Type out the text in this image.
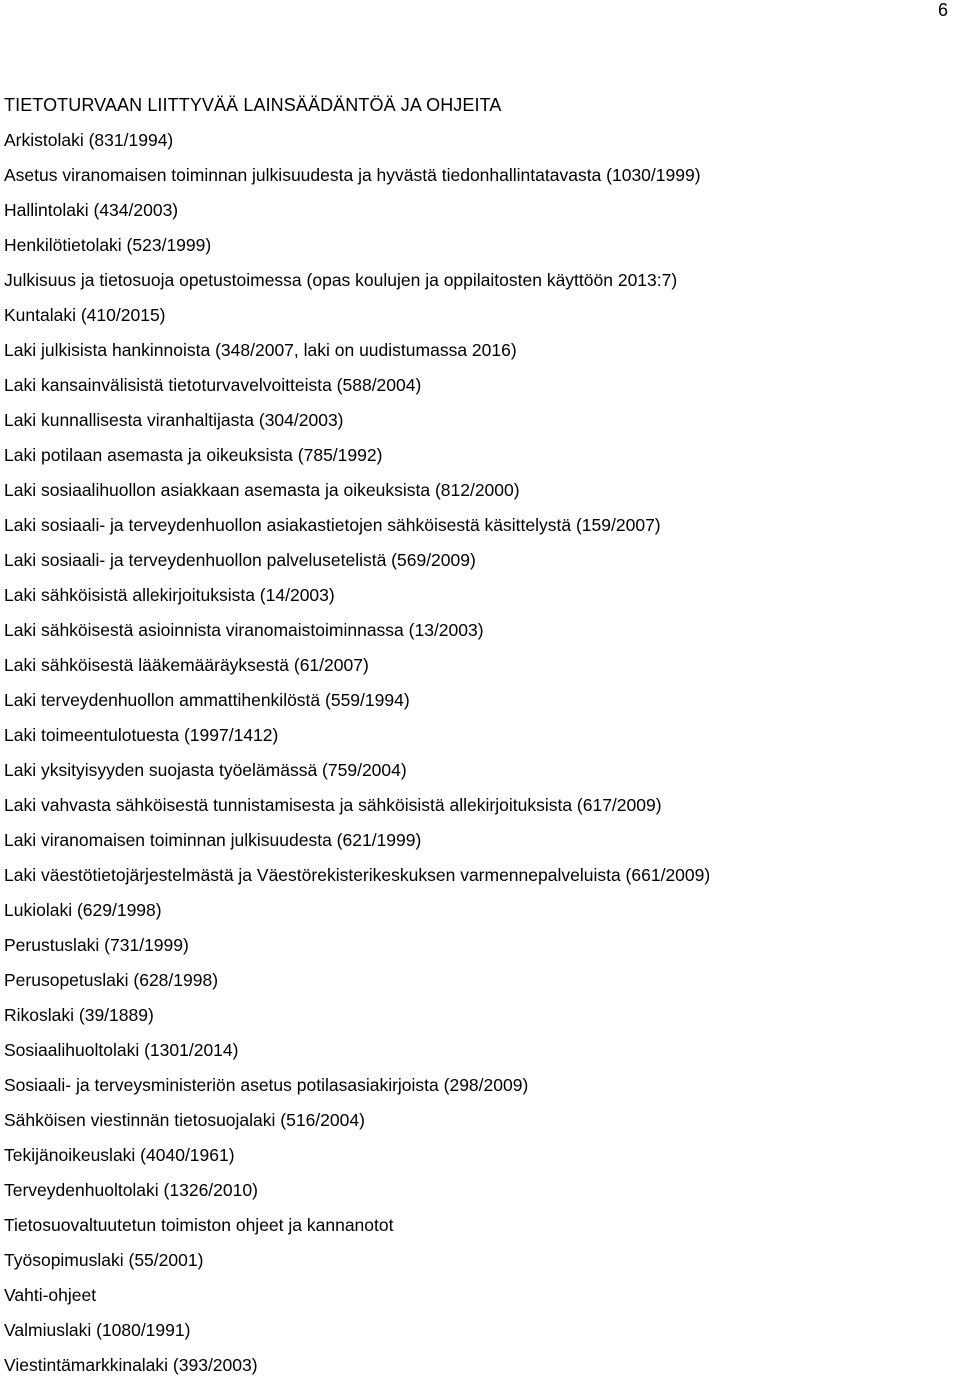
6
TIETOTURVAAN LIITTYVÄÄ LAINSÄÄDÄNTÖÄ JA OHJEITA
Arkistolaki (831/1994)
Asetus viranomaisen toiminnan julkisuudesta ja hyvästä tiedonhallintatavasta (1030/1999)
Hallintolaki (434/2003)
Henkilötietolaki (523/1999)
Julkisuus ja tietosuoja opetustoimessa (opas koulujen ja oppilaitosten käyttöön 2013:7)
Kuntalaki (410/2015)
Laki julkisista hankinnoista (348/2007, laki on uudistumassa 2016)
Laki kansainvälisistä tietoturvavelvoitteista (588/2004)
Laki kunnallisesta viranhaltijasta (304/2003)
Laki potilaan asemasta ja oikeuksista (785/1992)
Laki sosiaalihuollon asiakkaan asemasta ja oikeuksista (812/2000)
Laki sosiaali- ja terveydenhuollon asiakastietojen sähköisestä käsittelystä (159/2007)
Laki sosiaali- ja terveydenhuollon palvelusetelistä (569/2009)
Laki sähköisistä allekirjoituksista (14/2003)
Laki sähköisestä asioinnista viranomaistoiminnassa (13/2003)
Laki sähköisestä lääkemääräyksestä (61/2007)
Laki terveydenhuollon ammattihenkilöstä (559/1994)
Laki toimeentulotuesta (1997/1412)
Laki yksityisyyden suojasta työelämässä (759/2004)
Laki vahvasta sähköisestä tunnistamisesta ja sähköisistä allekirjoituksista (617/2009)
Laki viranomaisen toiminnan julkisuudesta (621/1999)
Laki väestötietojärjestelmästä ja Väestörekisterikeskuksen varmennepalveluista (661/2009)
Lukiolaki (629/1998)
Perustuslaki (731/1999)
Perusopetuslaki (628/1998)
Rikoslaki (39/1889)
Sosiaalihuoltolaki (1301/2014)
Sosiaali- ja terveysministeriön asetus potilasasiakirjoista (298/2009)
Sähköisen viestinnän tietosuojalaki (516/2004)
Tekijänoikeuslaki (4040/1961)
Terveydenhuoltolaki (1326/2010)
Tietosuovaltuutetun toimiston ohjeet ja kannanotot
Työsopimuslaki (55/2001)
Vahti-ohjeet
Valmiuslaki (1080/1991)
Viestintämarkkinalaki (393/2003)
